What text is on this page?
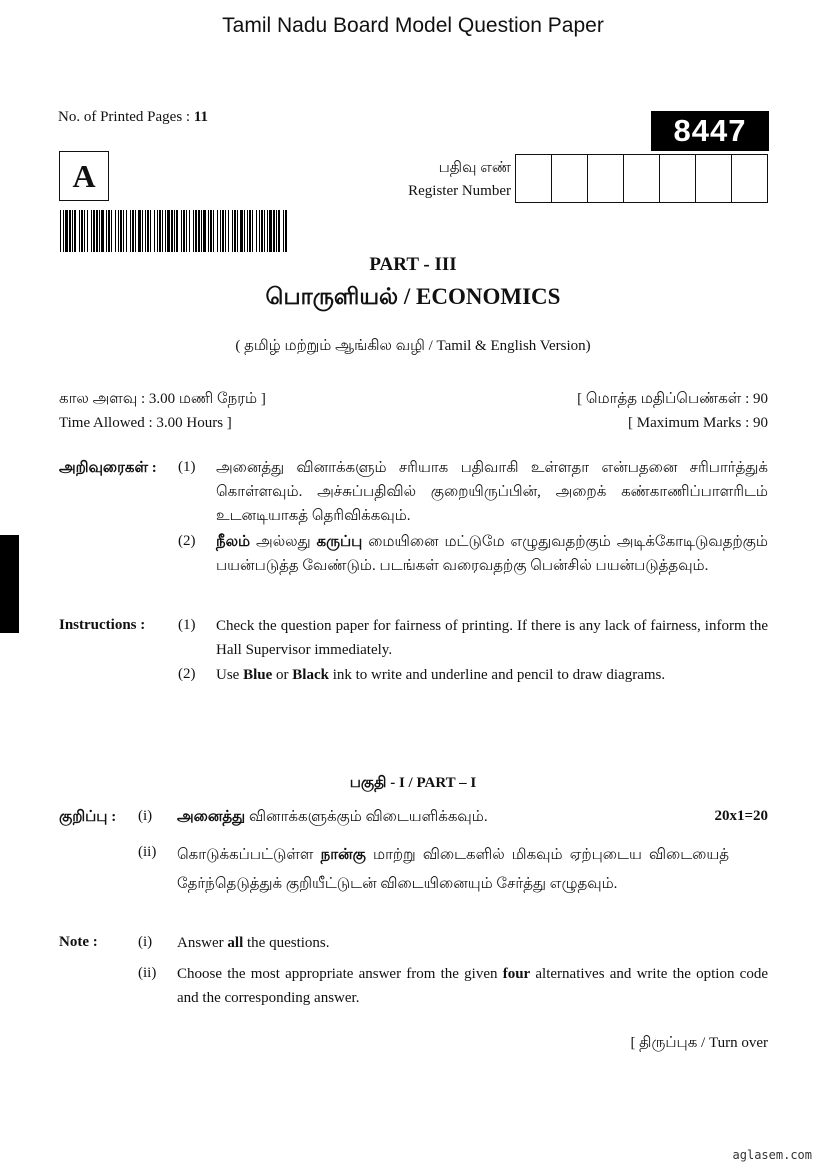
Tamil Nadu Board Model Question Paper
No. of Printed Pages : 11	8447
A	பதிவு எண்
Register Number
PART - III
பொருளியல் / ECONOMICS
( தமிழ் மற்றும் ஆங்கில வழி / Tamil & English Version)
கால அளவு : 3.00 மணி நேரம் ]
Time Allowed : 3.00 Hours ]
[ மொத்த மதிப்பெண்கள் : 90
[ Maximum Marks : 90
அறிவுரைகள் : (1) அனைத்து வினாக்களும் சரியாக பதிவாகி உள்ளதா என்பதனை சரிபார்த்துக் கொள்ளவும். அச்சுப்பதிவில் குறையிருப்பின், அறைக் கண்காணிப்பாளரிடம் உடனடியாகத் தெரிவிக்கவும்.
(2) நீலம் அல்லது கருப்பு மையினை மட்டுமே எழுதுவதற்கும் அடிக்கோடிடுவதற்கும் பயன்படுத்த வேண்டும். படங்கள் வரைவதற்கு பென்சில் பயன்படுத்தவும்.
Instructions : (1) Check the question paper for fairness of printing. If there is any lack of fairness, inform the Hall Supervisor immediately.
(2) Use Blue or Black ink to write and underline and pencil to draw diagrams.
பகுதி - I / PART – I
குறிப்பு : (i) அனைத்து வினாக்களுக்கும் விடையளிக்கவும்.	20x1=20
(ii) கொடுக்கப்பட்டுள்ள நான்கு மாற்று விடைகளில் மிகவும் ஏற்புடைய விடையைத் தேர்ந்தெடுத்துக் குறியீட்டுடன் விடையினையும் சேர்த்து எழுதவும்.
Note :	(i) Answer all the questions.
(ii) Choose the most appropriate answer from the given four alternatives and write the option code and the corresponding answer.
[ திருப்புக / Turn over
aglasem.com
